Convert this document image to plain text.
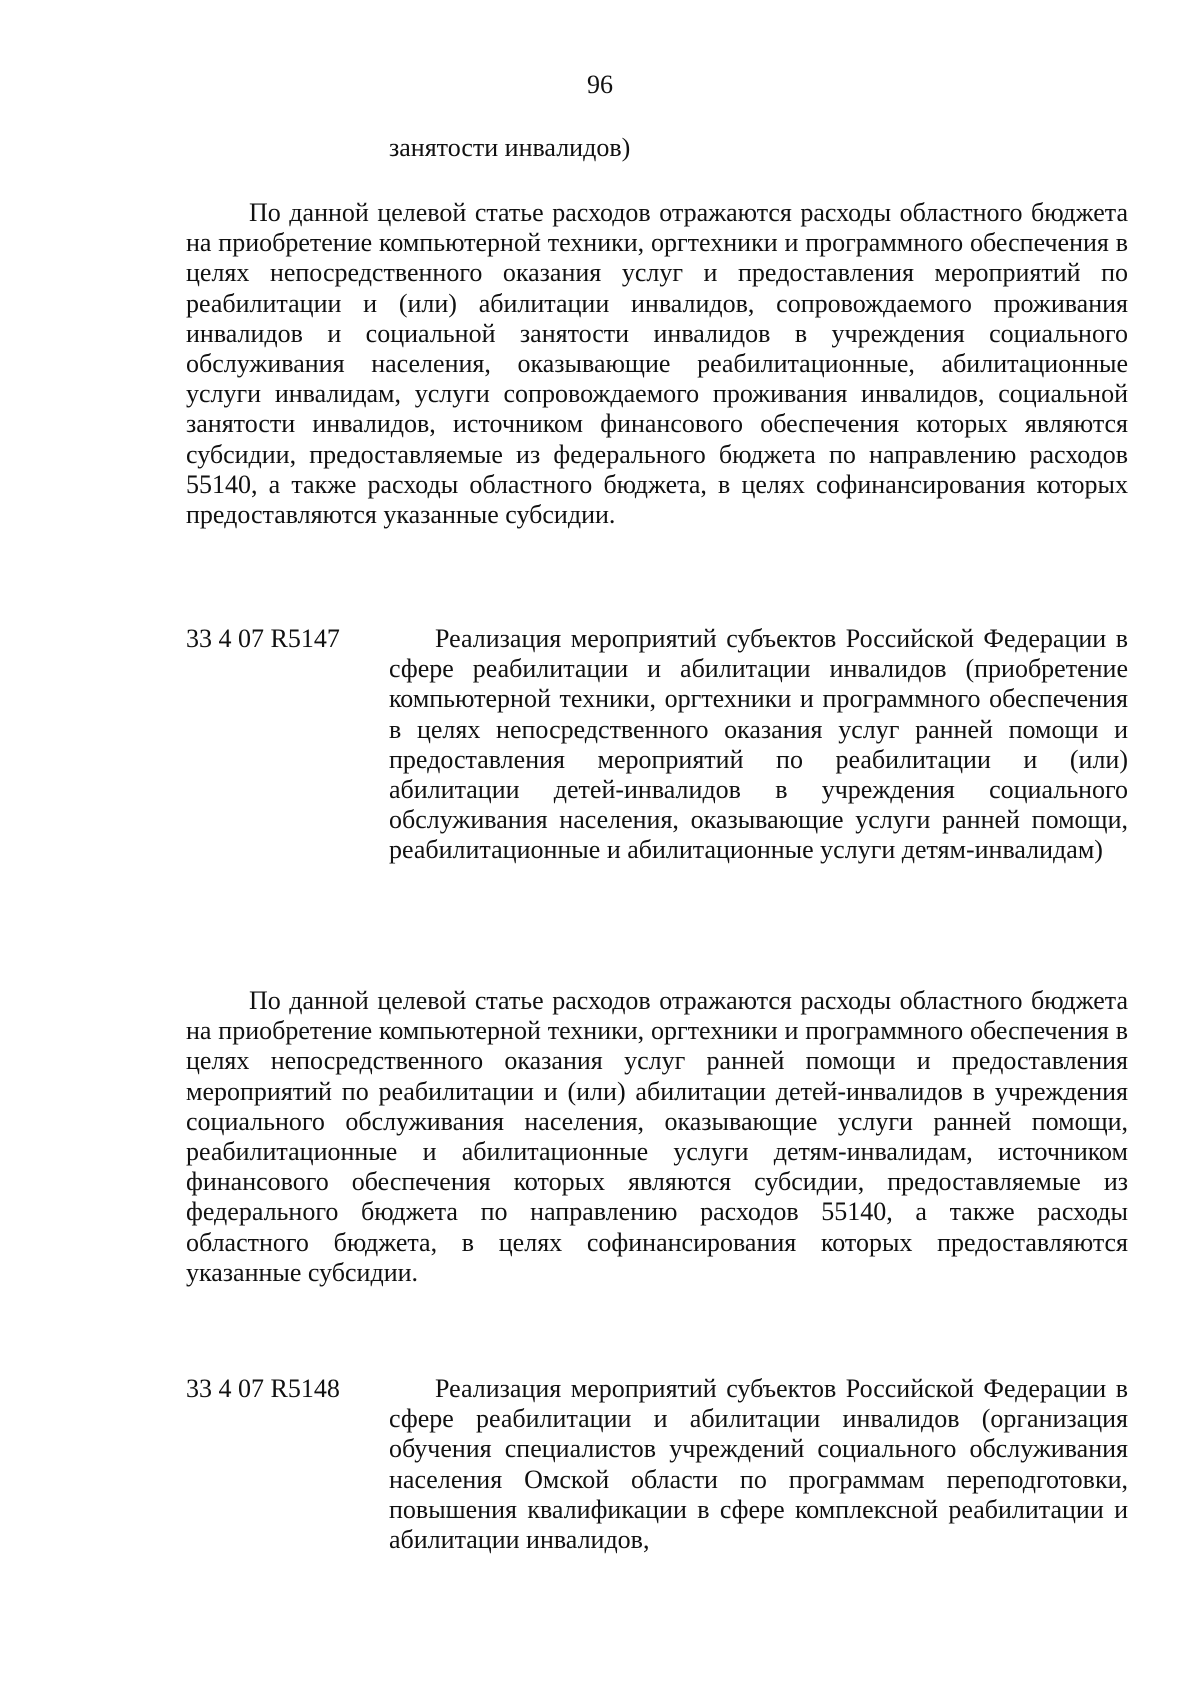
96
занятости инвалидов)

По данной целевой статье расходов отражаются расходы областного бюджета на приобретение компьютерной техники, оргтехники и программного обеспечения в целях непосредственного оказания услуг и предоставления мероприятий по реабилитации и (или) абилитации инвалидов, сопровождаемого проживания инвалидов и социальной занятости инвалидов в учреждения социального обслуживания населения, оказывающие реабилитационные, абилитационные услуги инвалидам, услуги сопровождаемого проживания инвалидов, социальной занятости инвалидов, источником финансового обеспечения которых являются субсидии, предоставляемые из федерального бюджета по направлению расходов 55140, а также расходы областного бюджета, в целях софинансирования которых предоставляются указанные субсидии.

33 4 07 R5147	Реализация мероприятий субъектов Российской Федерации в сфере реабилитации и абилитации инвалидов (приобретение компьютерной техники, оргтехники и программного обеспечения в целях непосредственного оказания услуг ранней помощи и предоставления мероприятий по реабилитации и (или) абилитации детей-инвалидов в учреждения социального обслуживания населения, оказывающие услуги ранней помощи, реабилитационные и абилитационные услуги детям-инвалидам)

По данной целевой статье расходов отражаются расходы областного бюджета на приобретение компьютерной техники, оргтехники и программного обеспечения в целях непосредственного оказания услуг ранней помощи и предоставления мероприятий по реабилитации и (или) абилитации детей-инвалидов в учреждения социального обслуживания населения, оказывающие услуги ранней помощи, реабилитационные и абилитационные услуги детям-инвалидам, источником финансового обеспечения которых являются субсидии, предоставляемые из федерального бюджета по направлению расходов 55140, а также расходы областного бюджета, в целях софинансирования которых предоставляются указанные субсидии.

33 4 07 R5148	Реализация мероприятий субъектов Российской Федерации в сфере реабилитации и абилитации инвалидов (организация обучения специалистов учреждений социального обслуживания населения Омской области по программам переподготовки, повышения квалификации в сфере комплексной реабилитации и абилитации инвалидов,
